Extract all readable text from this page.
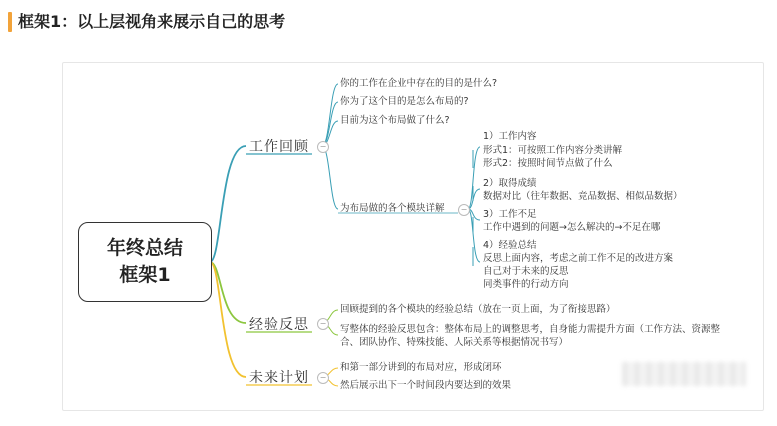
框架1：以上层视角来展示自己的思考
年终总结
框架1
工作回顾	−
你的工作在企业中存在的目的是什么?
你为了这个目的是怎么布局的?
目前为这个布局做了什么?
为布局做的各个模块详解	−
1）工作内容
形式1：可按照工作内容分类讲解
形式2：按照时间节点做了什么
2）取得成绩
数据对比（往年数据、竞品数据、相似品数据）
3）工作不足
工作中遇到的问题→怎么解决的→不足在哪
4）经验总结
反思上面内容，考虑之前工作不足的改进方案
自己对于未来的反思
同类事件的行动方向
经验反思	−
回顾提到的各个模块的经验总结（放在一页上面，为了衔接思路）
写整体的经验反思包含：整体布局上的调整思考，自身能力需提升方面（工作方法、资源整
合、团队协作、特殊技能、人际关系等根据情况书写）
未来计划	−
和第一部分讲到的布局对应，形成闭环
然后展示出下一个时间段内要达到的效果
